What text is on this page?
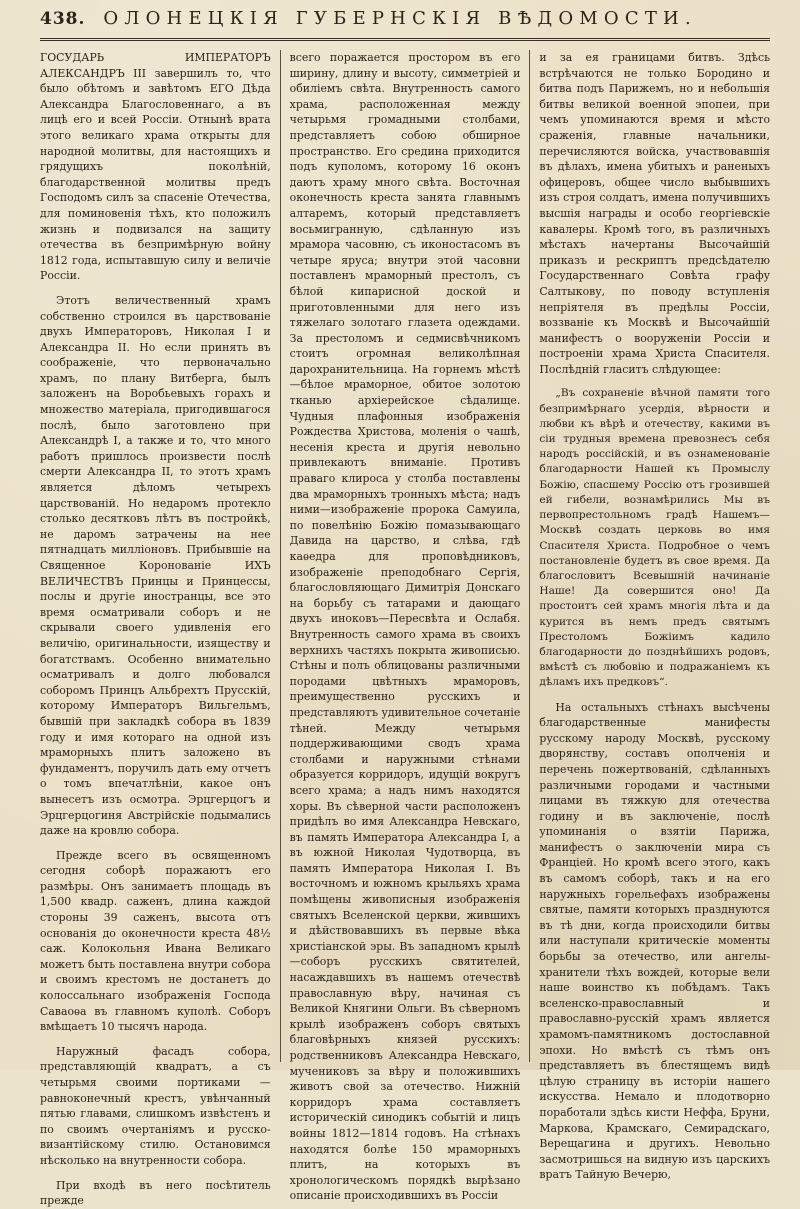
438. ОЛОНЕЦКІЯ ГУБЕРНСКІЯ ВѢДОМОСТИ.

ГОСУДАРЬ ИМПЕРАТОРЪ АЛЕКСАНДРЪ III завершилъ то, что было обѣтомъ и завѣтомъ ЕГО Дѣда Александра Благословеннаго, а въ лицѣ его и всей Россіи. Отнынѣ врата этого великаго храма открыты для народной молитвы, для настоящихъ и грядущихъ поколѣній, благодарственной молитвы предъ Господомъ силъ за спасеніе Отечества, для поминовенія тѣхъ, кто положилъ жизнь и подвизался на защиту отечества въ безпримѣрную войну 1812 года, испытавшую силу и величіе Россіи.

Этотъ величественный храмъ собственно строился въ царствованіе двухъ Императоровъ, Николая I и Александра II. Но если принять въ соображеніе, что первоначально храмъ, по плану Витберга, былъ заложенъ на Воробьевыхъ горахъ и множество матеріала, пригодившагося послѣ, было заготовлено при Александрѣ I, а также и то, что много работъ пришлось произвести послѣ смерти Александра II, то этотъ храмъ является дѣломъ четырехъ царствованій. Но недаромъ протекло столько десятковъ лѣтъ въ постройкѣ, не даромъ затрачены на нее пятнадцать милліоновъ. Прибывшіе на Священное Коронованіе ИХЪ ВЕЛИЧЕСТВЪ Принцы и Принцессы, послы и другіе иностранцы, все это время осматривали соборъ и не скрывали своего удивленія его величію, оригинальности, изяществу и богатствамъ. Особенно внимательно осматривалъ и долго любовался соборомъ Принцъ Альбрехтъ Прусскій, которому Императоръ Вильгельмъ, бывшій при закладкѣ собора въ 1839 году и имя котораго на одной изъ мраморныхъ плитъ заложено въ фундаментъ, поручилъ дать ему отчетъ о томъ впечатлѣніи, какое онъ вынесетъ изъ осмотра. Эрцгерцогъ и Эрцгерцогиня Австрійскіе подымались даже на кровлю собора.

Прежде всего въ освященномъ сегодня соборѣ поражаютъ его размѣры. Онъ занимаетъ площадь въ 1,500 квадр. саженъ, длина каждой стороны 39 саженъ, высота отъ основанія до оконечности креста 48½ саж. Колокольня Ивана Великаго можетъ быть поставлена внутри собора и своимъ крестомъ не достанетъ до колоссальнаго изображенія Господа Саваоѳа въ главномъ куполѣ. Соборъ вмѣщаетъ 10 тысячъ народа.

Наружный фасадъ собора, представляющій квадратъ, а съ четырьмя своими портиками — равноконечный крестъ, увѣнчанный пятью главами, слишкомъ извѣстенъ и по своимъ очертаніямъ и русско-византійскому стилю. Остановимся нѣсколько на внутренности собора.

При входѣ въ него посѣтитель прежде

всего поражается простором въ его ширину, длину и высоту, симметріей и обиліемъ свѣта. Внутренность самого храма, расположенная между четырьмя громадными столбами, представляетъ собою обширное пространство. Его средина приходится подъ куполомъ, которому 16 оконъ даютъ храму много свѣта. Восточная оконечность креста занята главнымъ алтаремъ, который представляетъ восьмигранную, сдѣланную изъ мрамора часовню, съ иконостасомъ въ четыре яруса; внутри этой часовни поставленъ мраморный престолъ, съ бѣлой кипарисной доской и приготовленными для него изъ тяжелаго золотаго глазета одеждами. За престоломъ и седмисвѣчникомъ стоитъ огромная великолѣпная дарохранительница. На горнемъ мѣстѣ—бѣлое мраморное, обитое золотою тканью архіерейское сѣдалище. Чудныя плафонныя изображенія Рождества Христова, моленія о чашѣ, несенія креста и другія невольно привлекаютъ вниманіе. Противъ праваго клироса у столба поставлены два мраморныхъ тронныхъ мѣста; надъ ними—изображеніе пророка Самуила, по повелѣнію Божію помазывающаго Давида на царство, и слѣва, гдѣ каѳедра для проповѣдниковъ, изображеніе преподобнаго Сергія, благословляющаго Димитрія Донскаго на борьбу съ татарами и дающаго двухъ иноковъ—Пересвѣта и Ослабя. Внутренность самого храма въ своихъ верхнихъ частяхъ покрыта живописью. Стѣны и полъ облицованы различными породами цвѣтныхъ мраморовъ, преимущественно русскихъ и представляютъ удивительное сочетаніе тѣней. Между четырьмя поддерживающими сводъ храма столбами и наружными стѣнами образуется корридоръ, идущій вокругъ всего храма; а надъ нимъ находятся хоры. Въ сѣверной части расположенъ придѣлъ во имя Александра Невскаго, въ память Императора Александра I, а въ южной Николая Чудотворца, въ память Императора Николая I. Въ восточномъ и южномъ крыльяхъ храма помѣщены живописныя изображенія святыхъ Вселенской церкви, жившихъ и дѣйствовавшихъ въ первые вѣка христіанской эры. Въ западномъ крылѣ—соборъ русскихъ святителей, насаждавшихъ въ нашемъ отечествѣ православную вѣру, начиная съ Великой Княгини Ольги. Въ сѣверномъ крылѣ изображенъ соборъ святыхъ благовѣрныхъ князей русскихъ: родственниковъ Александра Невскаго, мучениковъ за вѣру и положившихъ животъ свой за отечество. Нижній корридоръ храма составляетъ историческій синодикъ событій и лицъ войны 1812—1814 годовъ. На стѣнахъ находятся болѣе 150 мраморныхъ плитъ, на которыхъ въ хронологическомъ порядкѣ вырѣзано описаніе происходившихъ въ Россіи

и за ея границами битвъ. Здѣсь встрѣчаются не только Бородино и битва подъ Парижемъ, но и небольшія битвы великой военной эпопеи, при чемъ упоминаются время и мѣсто сраженія, главные начальники, перечисляются войска, участвовавшія въ дѣлахъ, имена убитыхъ и раненыхъ офицеровъ, общее число выбывшихъ изъ строя солдатъ, имена получившихъ высшія награды и особо георгіевскіе кавалеры. Кромѣ того, въ различныхъ мѣстахъ начертаны Высочайшій приказъ и рескриптъ предсѣдателю Государственнаго Совѣта графу Салтыкову, по поводу вступленія непріятеля въ предѣлы Россіи, воззваніе къ Москвѣ и Высочайшій манифестъ о вооруженіи Россіи и построеніи храма Христа Спасителя. Послѣдній гласитъ слѣдующее:

„Въ сохраненіе вѣчной памяти того безпримѣрнаго усердія, вѣрности и любви къ вѣрѣ и отечеству, какими въ сіи трудныя времена превознесъ себя народъ россійскій, и въ ознаменованіе благодарности Нашей къ Промыслу Божію, спасшему Россію отъ грозившей ей гибели, вознамѣрились Мы въ первопрестольномъ градѣ Нашемъ—Москвѣ создать церковь во имя Спасителя Христа. Подробное о чемъ постановленіе будетъ въ свое время. Да благословитъ Всевышній начинаніе Наше! Да совершится оно! Да простоитъ сей храмъ многія лѣта и да курится въ немъ предъ святымъ Престоломъ Божіимъ кадило благодарности до позднѣйшихъ родовъ, вмѣстѣ съ любовію и подражаніемъ къ дѣламъ ихъ предковъ“.

На остальныхъ стѣнахъ высѣчены благодарственные манифесты русскому народу Москвѣ, русскому дворянству, составъ ополченія и перечень пожертвованій, сдѣланныхъ различными городами и частными лицами въ тяжкую для отечества годину и въ заключеніе, послѣ упоминанія о взятіи Парижа, манифестъ о заключеніи мира съ Франціей. Но кромѣ всего этого, какъ въ самомъ соборѣ, такъ и на его наружныхъ горельефахъ изображены святые, памяти которыхъ празднуются въ тѣ дни, когда происходили битвы или наступали критическіе моменты борьбы за отечество, или ангелы-хранители тѣхъ вождей, которые вели наше воинство къ побѣдамъ. Такъ вселенско-православный и православно-русскій храмъ является храмомъ-памятникомъ достославной эпохи. Но вмѣстѣ съ тѣмъ онъ представляетъ въ блестящемъ видѣ цѣлую страницу въ исторіи нашего искусства. Немало и плодотворно поработали здѣсь кисти Неффа, Бруни, Маркова, Крамскаго, Семирадскаго, Верещагина и другихъ. Невольно засмотришься на видную изъ царскихъ вратъ Тайную Вечерю,
